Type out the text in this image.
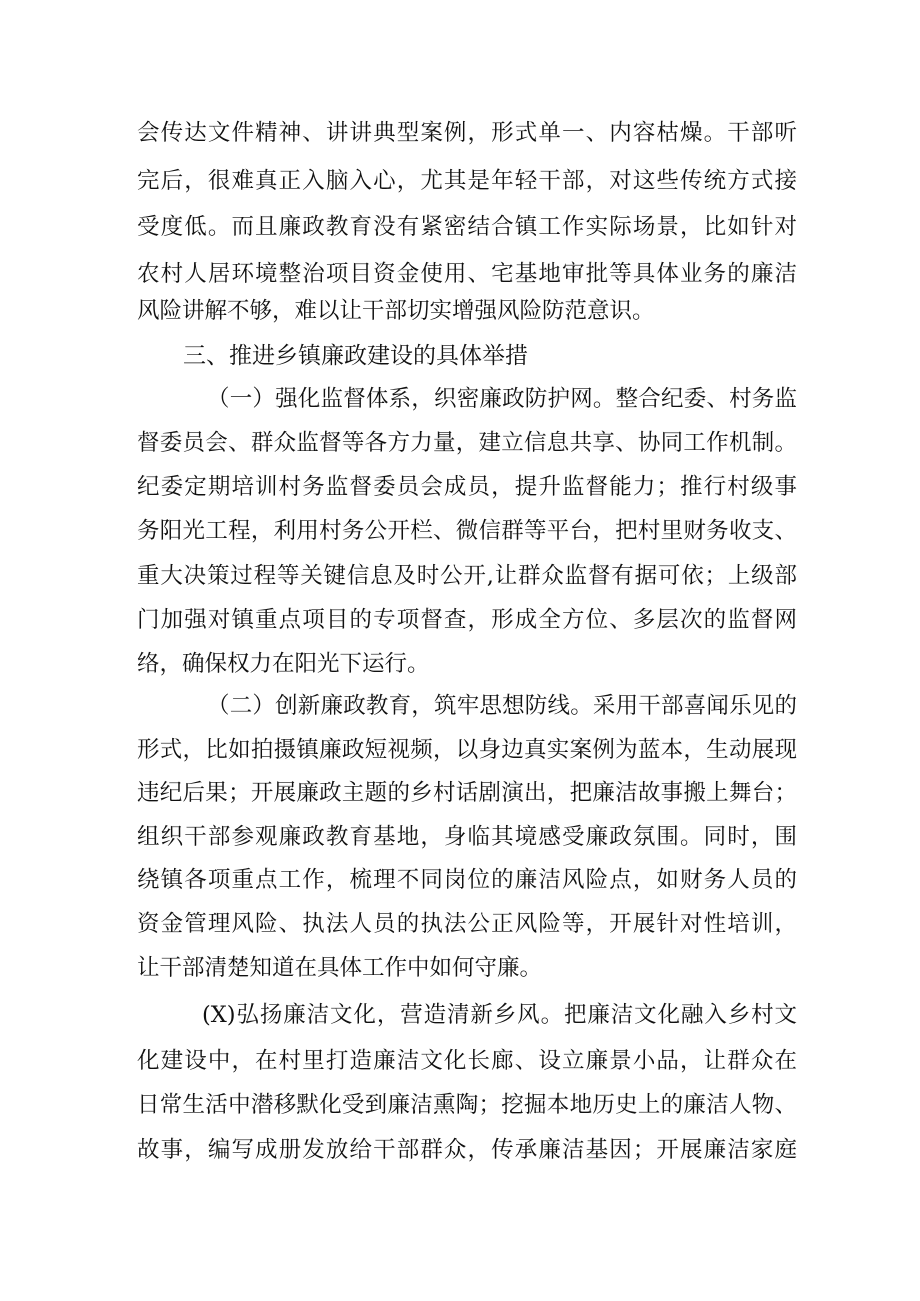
会传达文件精神、讲讲典型案例，形式单一、内容枯燥。干部听
完后，很难真正入脑入心，尤其是年轻干部，对这些传统方式接
受度低。而且廉政教育没有紧密结合镇工作实际场景，比如针对
农村人居环境整治项目资金使用、宅基地审批等具体业务的廉洁
风险讲解不够，难以让干部切实增强风险防范意识。
三、推进乡镇廉政建设的具体举措
（一）强化监督体系，织密廉政防护网。整合纪委、村务监
督委员会、群众监督等各方力量，建立信息共享、协同工作机制。
纪委定期培训村务监督委员会成员，提升监督能力；推行村级事
务阳光工程，利用村务公开栏、微信群等平台，把村里财务收支、
重大决策过程等关键信息及时公开,让群众监督有据可依；上级部
门加强对镇重点项目的专项督查，形成全方位、多层次的监督网
络，确保权力在阳光下运行。
（二）创新廉政教育，筑牢思想防线。采用干部喜闻乐见的
形式，比如拍摄镇廉政短视频，以身边真实案例为蓝本，生动展现
违纪后果；开展廉政主题的乡村话剧演出，把廉洁故事搬上舞台；
组织干部参观廉政教育基地，身临其境感受廉政氛围。同时，围
绕镇各项重点工作，梳理不同岗位的廉洁风险点，如财务人员的
资金管理风险、执法人员的执法公正风险等，开展针对性培训，
让干部清楚知道在具体工作中如何守廉。
(X)弘扬廉洁文化，营造清新乡风。把廉洁文化融入乡村文
化建设中，在村里打造廉洁文化长廊、设立廉景小品，让群众在
日常生活中潜移默化受到廉洁熏陶；挖掘本地历史上的廉洁人物、
故事，编写成册发放给干部群众，传承廉洁基因；开展廉洁家庭
